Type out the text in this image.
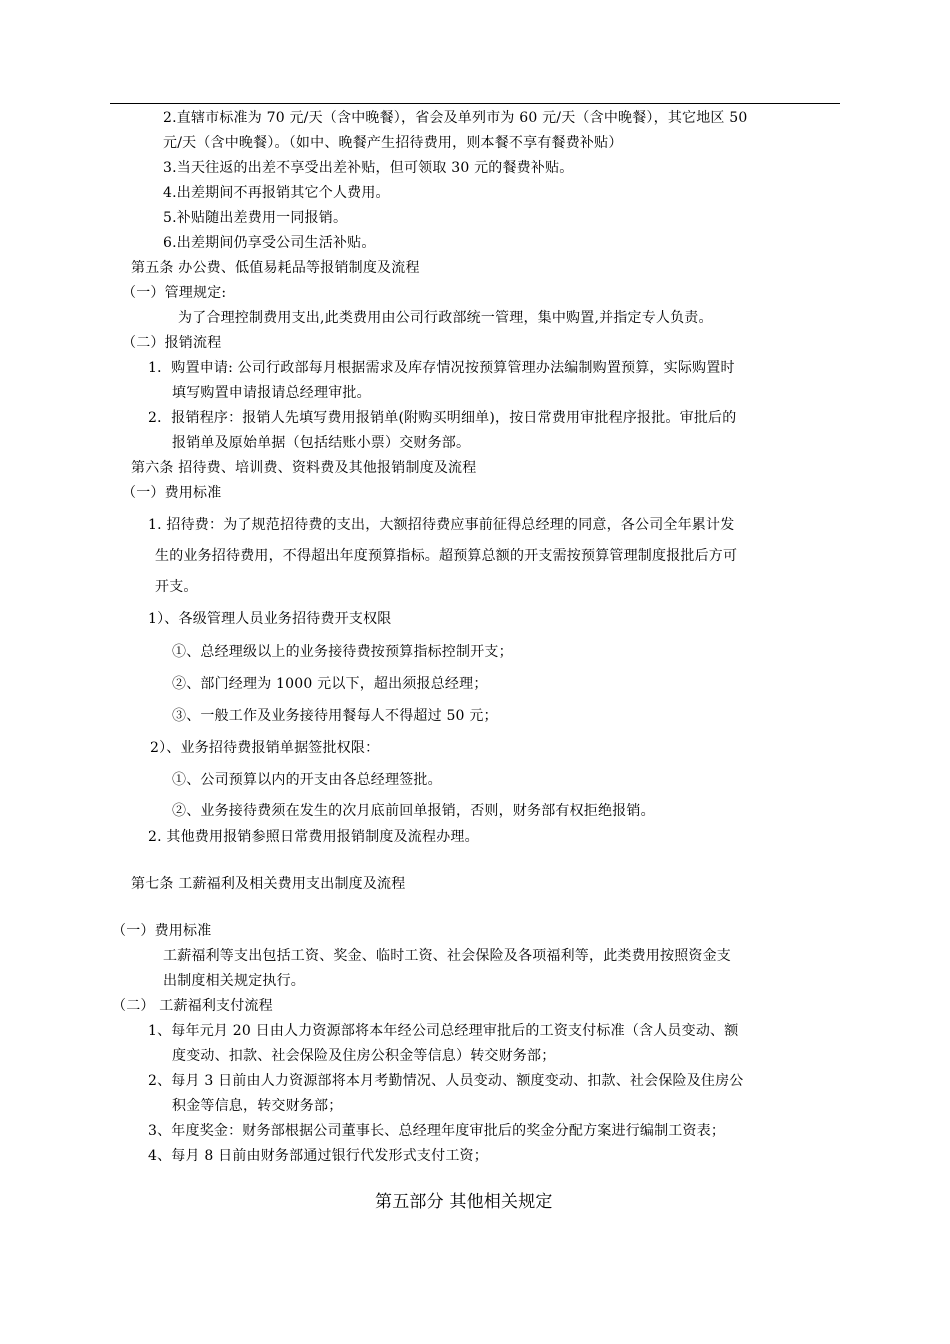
2.直辖市标准为 70 元/天（含中晚餐），省会及单列市为 60 元/天（含中晚餐），其它地区 50
元/天（含中晚餐）。（如中、晚餐产生招待费用，则本餐不享有餐费补贴）
3.当天往返的出差不享受出差补贴，但可领取 30 元的餐费补贴。
4.出差期间不再报销其它个人费用。
5.补贴随出差费用一同报销。
6.出差期间仍享受公司生活补贴。
第五条 办公费、低值易耗品等报销制度及流程
（一）管理规定:
为了合理控制费用支出,此类费用由公司行政部统一管理，集中购置,并指定专人负责。
（二）报销流程
1．购置申请: 公司行政部每月根据需求及库存情况按预算管理办法编制购置预算，实际购置时
填写购置申请报请总经理审批。
2．报销程序：报销人先填写费用报销单(附购买明细单)，按日常费用审批程序报批。审批后的
报销单及原始单据（包括结账小票）交财务部。
第六条 招待费、培训费、资料费及其他报销制度及流程
（一）费用标准
1. 招待费：为了规范招待费的支出，大额招待费应事前征得总经理的同意，各公司全年累计发
生的业务招待费用，不得超出年度预算指标。超预算总额的开支需按预算管理制度报批后方可
开支。
1）、各级管理人员业务招待费开支权限
①、总经理级以上的业务接待费按预算指标控制开支；
②、部门经理为 1000 元以下，超出须报总经理；
③、一般工作及业务接待用餐每人不得超过 50 元；
2）、业务招待费报销单据签批权限：
①、公司预算以内的开支由各总经理签批。
②、业务接待费须在发生的次月底前回单报销，否则，财务部有权拒绝报销。
2. 其他费用报销参照日常费用报销制度及流程办理。
第七条 工薪福利及相关费用支出制度及流程
（一）费用标准
工薪福利等支出包括工资、奖金、临时工资、社会保险及各项福利等，此类费用按照资金支
出制度相关规定执行。
（二） 工薪福利支付流程
1、每年元月 20 日由人力资源部将本年经公司总经理审批后的工资支付标准（含人员变动、额
度变动、扣款、社会保险及住房公积金等信息）转交财务部；
2、每月 3 日前由人力资源部将本月考勤情况、人员变动、额度变动、扣款、社会保险及住房公
积金等信息，转交财务部；
3、年度奖金：财务部根据公司董事长、总经理年度审批后的奖金分配方案进行编制工资表；
4、每月 8 日前由财务部通过银行代发形式支付工资；
第五部分 其他相关规定
